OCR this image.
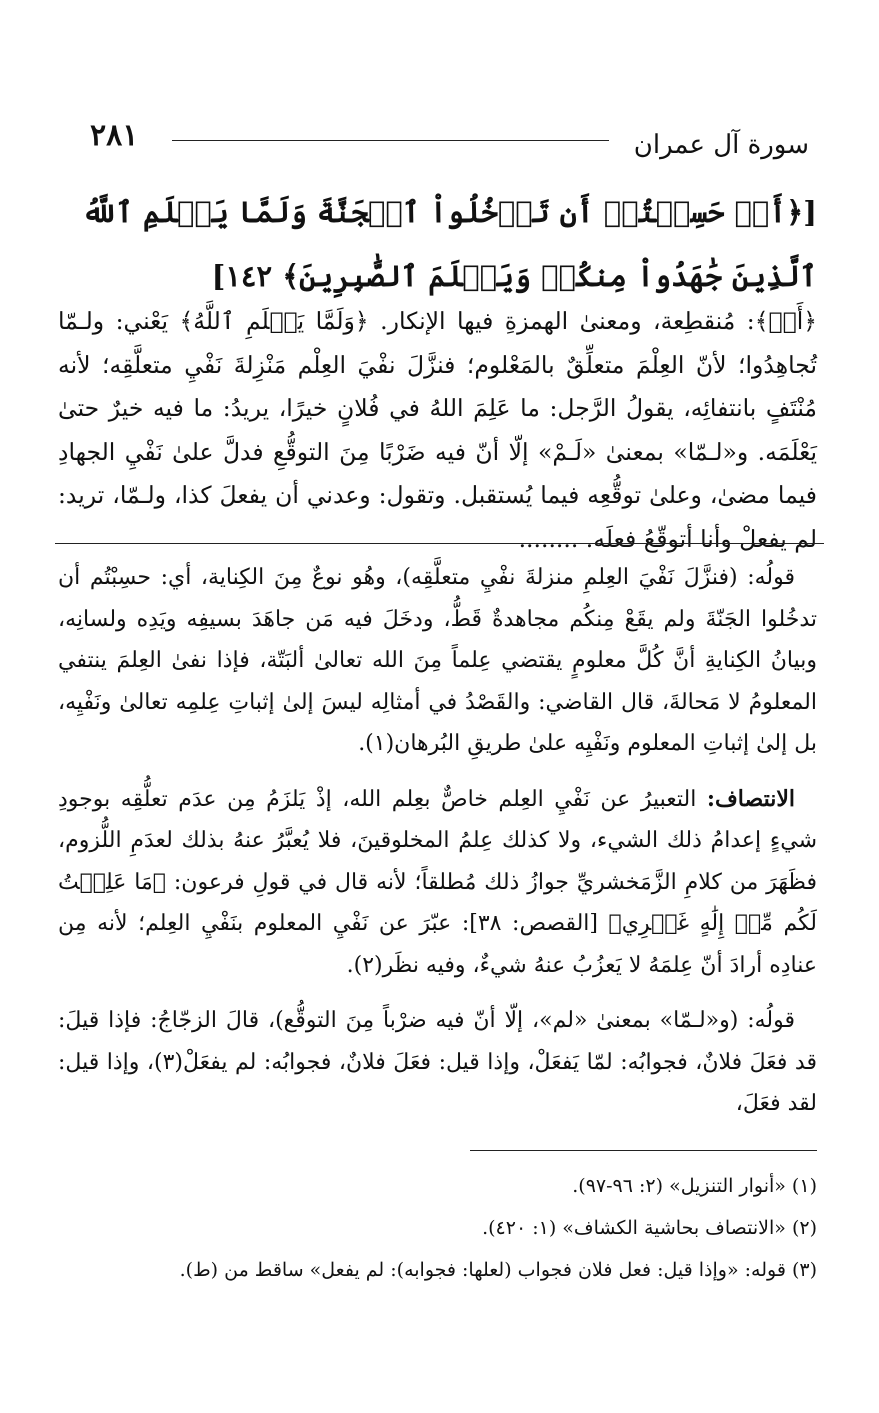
٢٨١	سورة آل عمران
[﴿أَمۡ حَسِبۡتُمۡ أَن تَدۡخُلُواْ ٱلۡجَنَّةَ وَلَمَّا يَعۡلَمِ ٱللَّهُ ٱلَّذِينَ جَٰهَدُواْ مِنكُمۡ وَيَعۡلَمَ ٱلصَّٰبِرِينَ﴾ ١٤٢]
﴿أَمۡ﴾: مُنقطِعة، ومعنىٰ الهمزةِ فيها الإنكار. ﴿وَلَمَّا يَعۡلَمِ ٱللَّهُ﴾ يَعْني: ولـمّا تُجاهِدُوا؛ لأنّ العِلْمَ متعلِّقٌ بالمَعْلوم؛ فنزَّلَ نفْيَ العِلْم مَنْزِلةَ نَفْيِ متعلَّقِه؛ لأنه مُنْتَفٍ بانتفائِه، يقولُ الرَّجل: ما عَلِمَ اللهُ في فُلانٍ خيرًا، يريدُ: ما فيه خيرٌ حتىٰ يَعْلَمَه. و«لـمّا» بمعنىٰ «لَـمْ» إلّا أنّ فيه ضَرْبًا مِنَ التوقُّعِ فدلَّ علىٰ نَفْيِ الجهادِ فيما مضىٰ، وعلىٰ توقُّعِه فيما يُستقبل. وتقول: وعدني أن يفعلَ كذا، ولـمّا، تريد: لم يفعلْ وأنا أتوقّعُ فعلَه. ........

قولُه: (فنزَّلَ نَفْيَ العِلمِ منزلةَ نفْيِ متعلَّقِه)، وهُو نوعٌ مِنَ الكِناية، أي: حسِبْتُم أن تدخُلوا الجَنّةَ ولم يقَعْ مِنكُم مجاهدةٌ قَطُّ، ودخَلَ فيه مَن جاهَدَ بسيفِه ويَدِه ولسانِه، وبيانُ الكِنايةِ أنَّ كُلَّ معلومٍ يقتضي عِلماً مِنَ الله تعالىٰ ألبَتّة، فإذا نفىٰ العِلمَ ينتفي المعلومُ لا مَحالةَ، قال القاضي: والقَصْدُ في أمثالِه ليسَ إلىٰ إثباتِ عِلمِه تعالىٰ ونَفْيِه، بل إلىٰ إثباتِ المعلوم ونَفْيِه علىٰ طريقِ البُرهان(١).

الانتصاف: التعبيرُ عن نَفْيِ العِلم خاصٌّ بعِلم الله، إذْ يَلزَمُ مِن عدَم تعلُّقِه بوجودِ شيءٍ إعدامُ ذلك الشيء، ولا كذلك عِلمُ المخلوقينَ، فلا يُعبَّرُ عنهُ بذلك لعدَمِ اللُّزوم، فظَهَرَ من كلامِ الزَّمَخشريِّ جوازُ ذلك مُطلقاً؛ لأنه قال في قولِ فرعون: ﴿مَا عَلِمۡتُ لَكُم مِّنۡ إِلَٰهٍ غَيۡرِي﴾ [القصص: ٣٨]: عبّرَ عن نَفْيِ المعلوم بنَفْيِ العِلم؛ لأنه مِن عنادِه أرادَ أنّ عِلمَهُ لا يَعزُبُ عنهُ شيءٌ، وفيه نظَر(٢).

قولُه: (و«لـمّا» بمعنىٰ «لم»، إلّا أنّ فيه ضرْباً مِنَ التوقُّع)، قالَ الزجّاجُ: فإذا قيلَ: قد فعَلَ فلانٌ، فجوابُه: لمّا يَفعَلْ، وإذا قيل: فعَلَ فلانٌ، فجوابُه: لم يفعَلْ(٣)، وإذا قيل: لقد فعَلَ،

(١) «أنوار التنزيل» (٢: ٩٦-٩٧).
(٢) «الانتصاف بحاشية الكشاف» (١: ٤٢٠).
(٣) قوله: «وإذا قيل: فعل فلان فجواب (لعلها: فجوابه): لم يفعل» ساقط من (ط).
